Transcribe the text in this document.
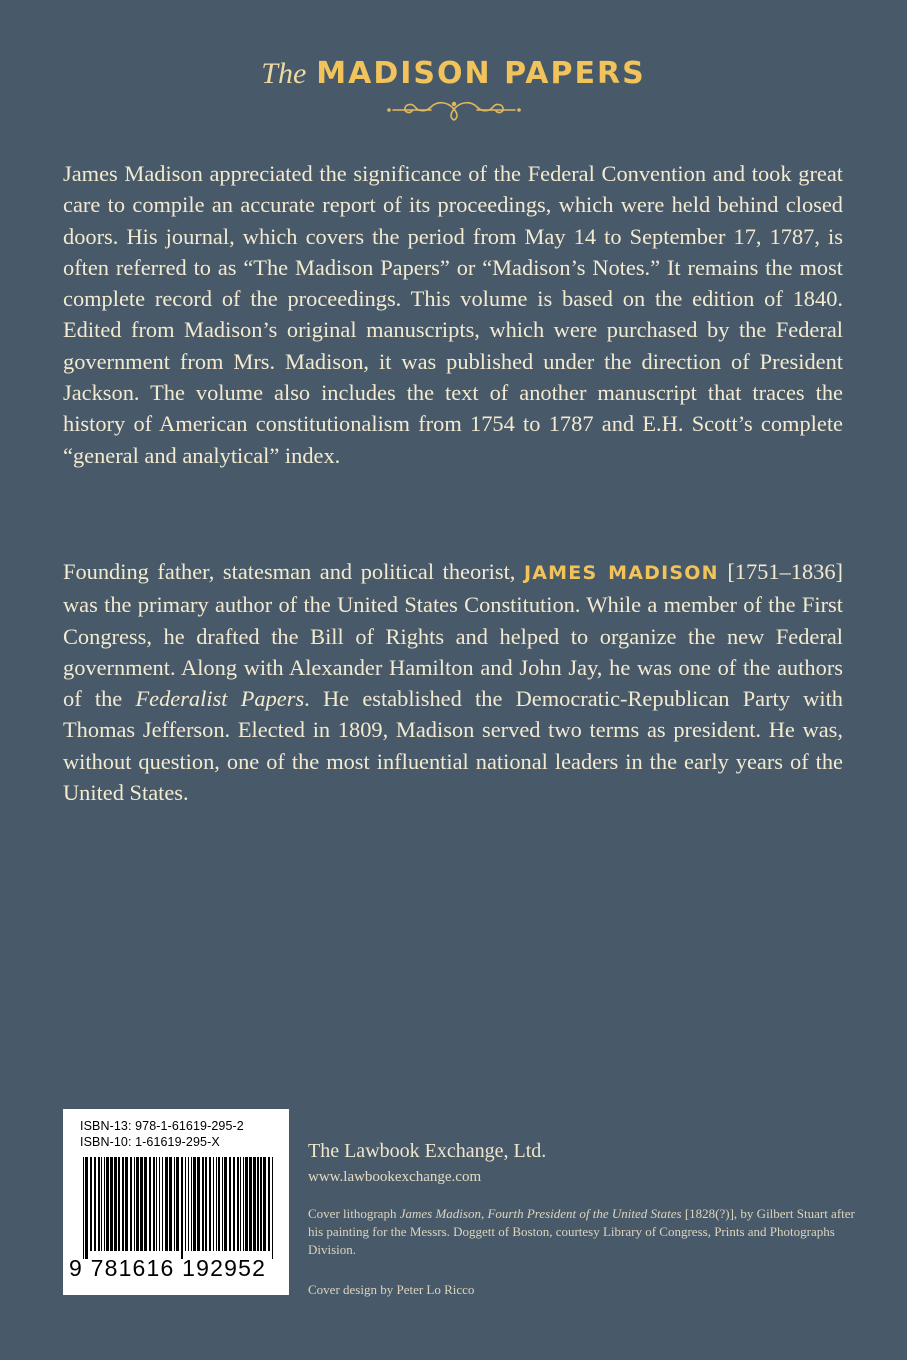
The MADISON PAPERS

James Madison appreciated the significance of the Federal Convention and took great care to compile an accurate report of its proceedings, which were held behind closed doors. His journal, which covers the period from May 14 to September 17, 1787, is often referred to as “The Madison Papers” or “Madison’s Notes.” It remains the most complete record of the proceedings. This volume is based on the edition of 1840. Edited from Madison’s original manuscripts, which were purchased by the Federal government from Mrs. Madison, it was published under the direction of President Jackson. The volume also includes the text of another manuscript that traces the history of American constitutionalism from 1754 to 1787 and E.H. Scott’s complete “general and analytical” index.

Founding father, statesman and political theorist, JAMES MADISON [1751–1836] was the primary author of the United States Constitution. While a member of the First Congress, he drafted the Bill of Rights and helped to organize the new Federal government. Along with Alexander Hamilton and John Jay, he was one of the authors of the Federalist Papers. He established the Democratic-Republican Party with Thomas Jefferson. Elected in 1809, Madison served two terms as president. He was, without question, one of the most influential national leaders in the early years of the United States.

ISBN-13: 978-1-61619-295-2
ISBN-10: 1-61619-295-X
9 781616 192952
The Lawbook Exchange, Ltd.
www.lawbookexchange.com

Cover lithograph James Madison, Fourth President of the United States [1828(?)], by Gilbert Stuart after his painting for the Messrs. Doggett of Boston, courtesy Library of Congress, Prints and Photographs Division.

Cover design by Peter Lo Ricco
